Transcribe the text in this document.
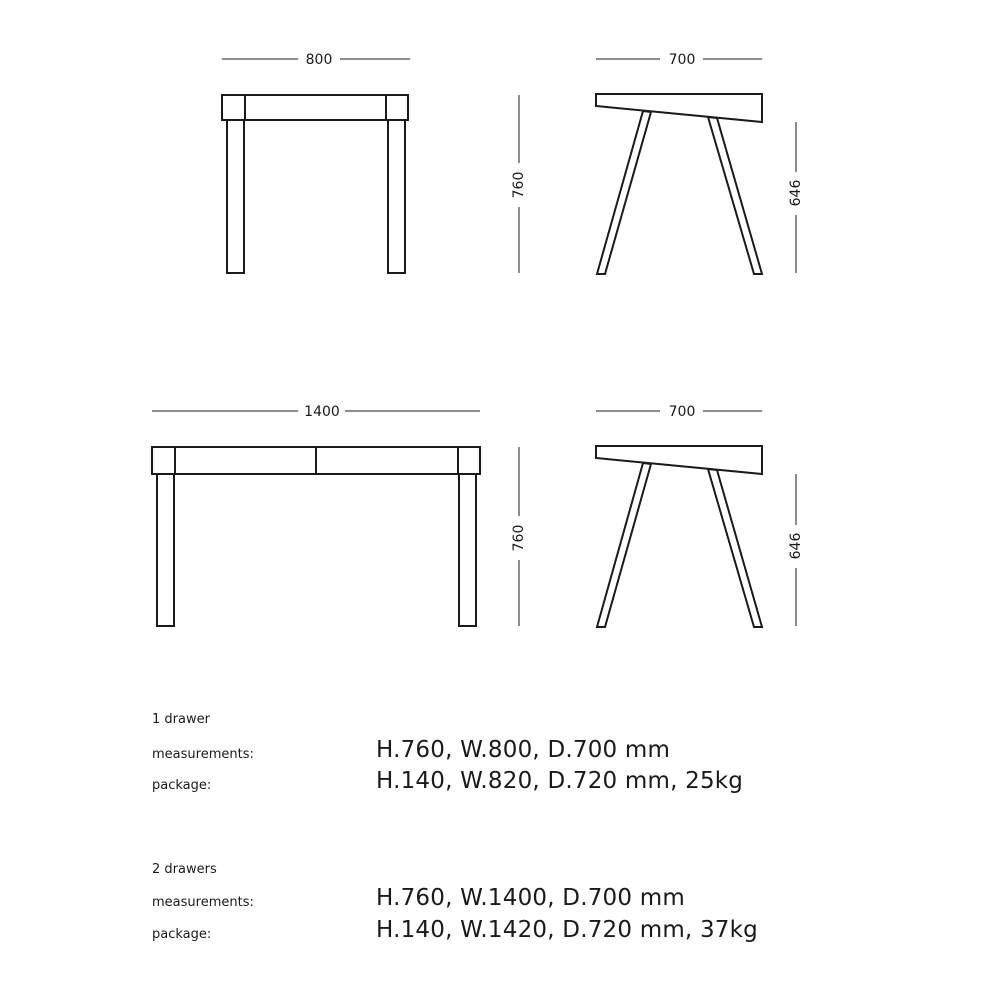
800
760
700
646
1400
760
700
646
1 drawer
measurements:	H.760, W.800, D.700 mm
package:	H.140, W.820, D.720 mm, 25kg
2 drawers
measurements:	H.760, W.1400, D.700 mm
package:	H.140, W.1420, D.720 mm, 37kg
